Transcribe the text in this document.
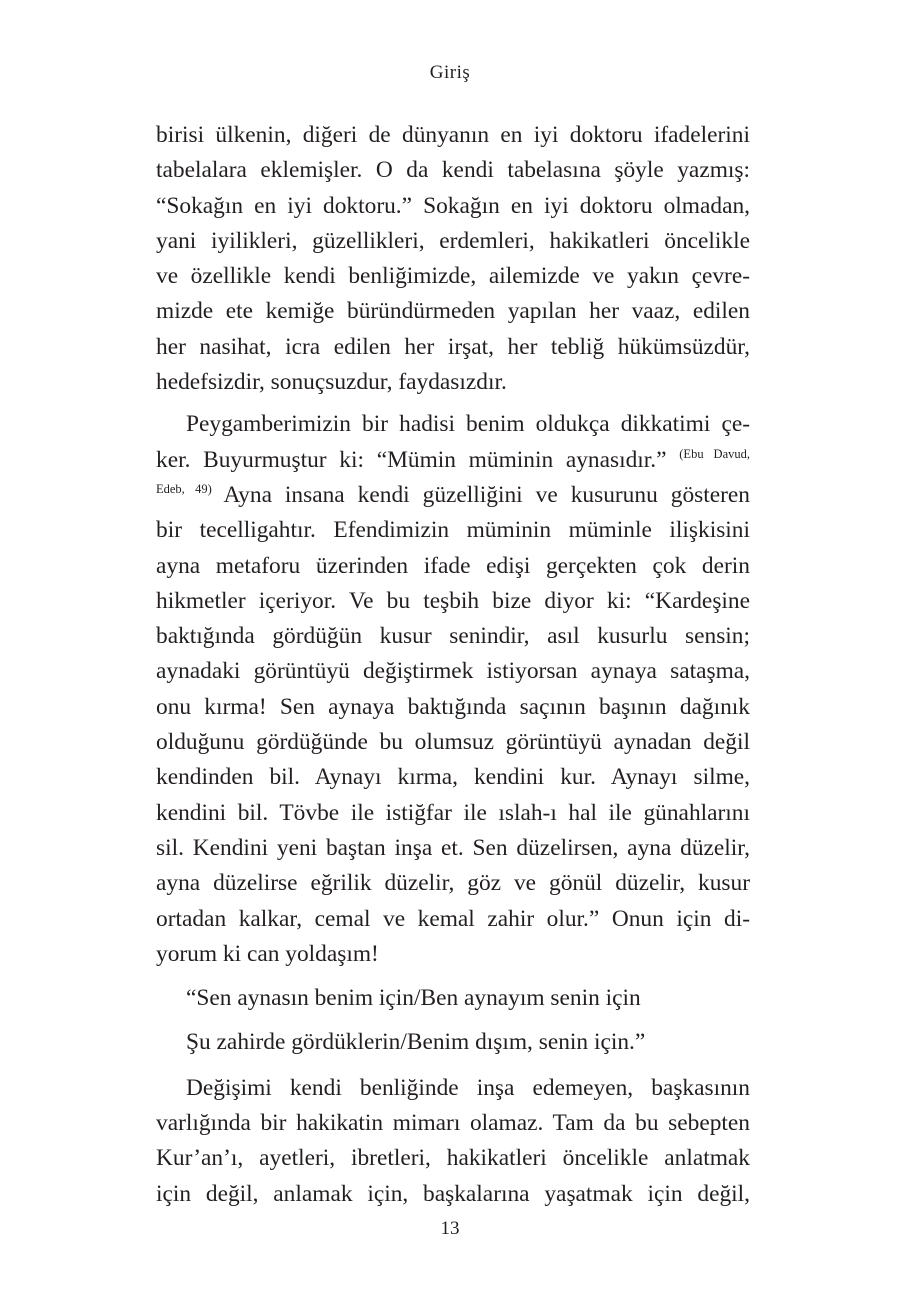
Giriş
birisi ülkenin, diğeri de dünyanın en iyi doktoru ifadelerini
tabelalara eklemişler. O da kendi tabelasına şöyle yazmış:
“Sokağın en iyi doktoru.” Sokağın en iyi doktoru olmadan,
yani iyilikleri, güzellikleri, erdemleri, hakikatleri öncelikle
ve özellikle kendi benliğimizde, ailemizde ve yakın çevre-
mizde ete kemiğe büründürmeden yapılan her vaaz, edilen
her nasihat, icra edilen her irşat, her tebliğ hükümsüzdür,
hedefsizdir, sonuçsuzdur, faydasızdır.
Peygamberimizin bir hadisi benim oldukça dikkatimi çe-
ker. Buyurmuştur ki: “Mümin müminin aynasıdır.” $^{(Ebu Davud,}$
$^{Edeb, 49)}$ Ayna insana kendi güzelliğini ve kusurunu gösteren
bir tecelligahtır. Efendimizin müminin müminle ilişkisini
ayna metaforu üzerinden ifade edişi gerçekten çok derin
hikmetler içeriyor. Ve bu teşbih bize diyor ki: “Kardeşine
baktığında gördüğün kusur senindir, asıl kusurlu sensin;
aynadaki görüntüyü değiştirmek istiyorsan aynaya sataşma,
onu kırma! Sen aynaya baktığında saçının başının dağınık
olduğunu gördüğünde bu olumsuz görüntüyü aynadan değil
kendinden bil. Aynayı kırma, kendini kur. Aynayı silme,
kendini bil. Tövbe ile istiğfar ile ıslah-ı hal ile günahlarını
sil. Kendini yeni baştan inşa et. Sen düzelirsen, ayna düzelir,
ayna düzelirse eğrilik düzelir, göz ve gönül düzelir, kusur
ortadan kalkar, cemal ve kemal zahir olur.” Onun için di-
yorum ki can yoldaşım!
“Sen aynasın benim için/Ben aynayım senin için
Şu zahirde gördüklerin/Benim dışım, senin için.”
Değişimi kendi benliğinde inşa edemeyen, başkasının
varlığında bir hakikatin mimarı olamaz. Tam da bu sebepten
Kur’an’ı, ayetleri, ibretleri, hakikatleri öncelikle anlatmak
için değil, anlamak için, başkalarına yaşatmak için değil,
13
